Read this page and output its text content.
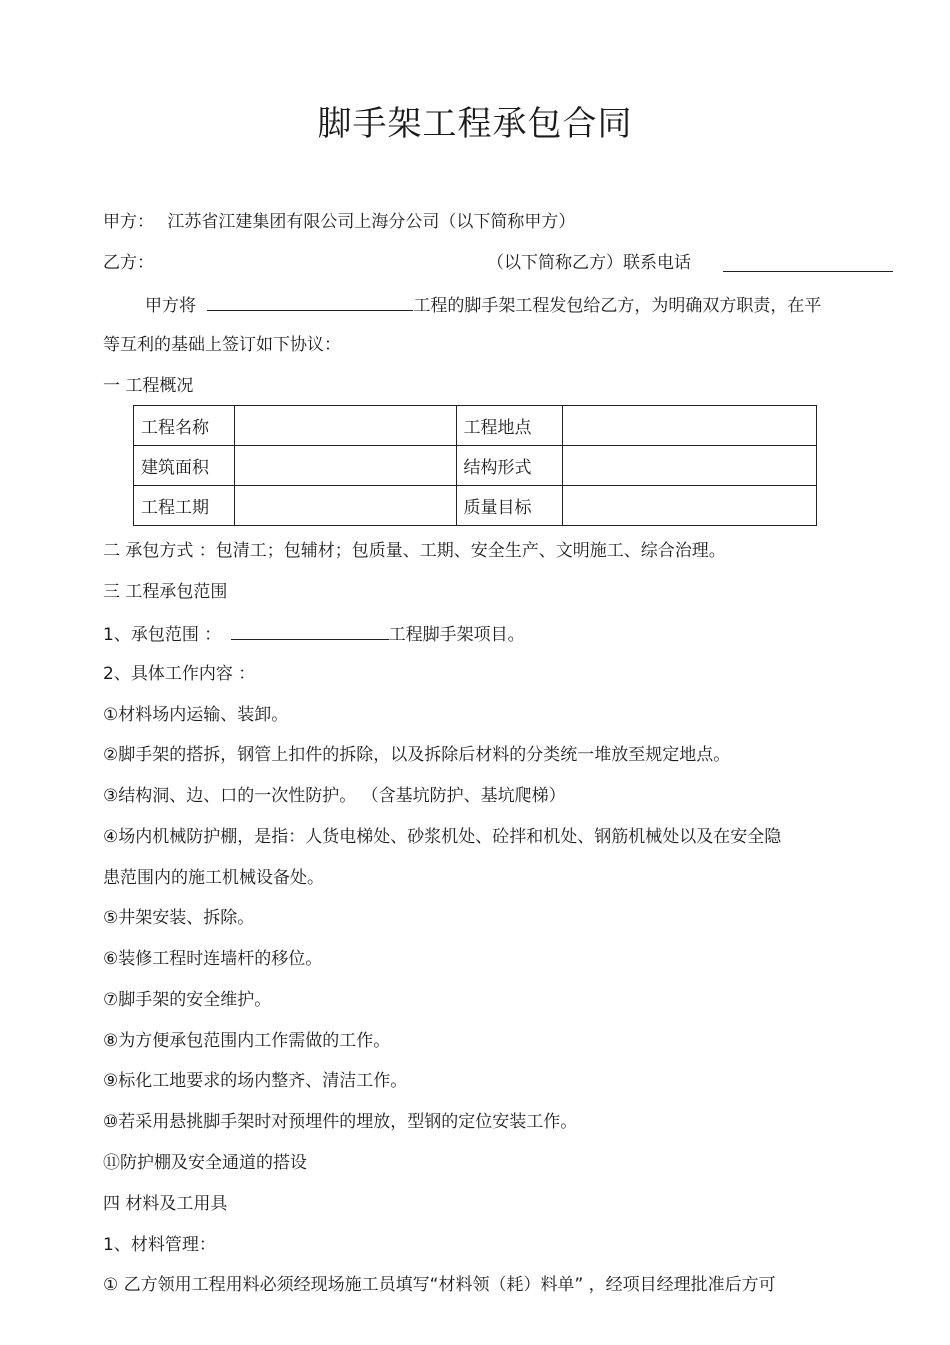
脚手架工程承包合同
甲方： 江苏省江建集团有限公司上海分公司（以下简称甲方）
乙方：	（以下简称乙方）联系电话
甲方将	工程的脚手架工程发包给乙方，为明确双方职责，在平
等互利的基础上签订如下协议：
一 工程概况
工程名称		工程地点	
建筑面积		结构形式	
工程工期		质量目标	
二 承包方式 ：包清工；包辅材；包质量、工期、安全生产、文明施工、综合治理。
三 工程承包范围
1、承包范围 ：	工程脚手架项目。
2、具体工作内容 ：
①材料场内运输、装卸。
②脚手架的搭拆，钢管上扣件的拆除，以及拆除后材料的分类统一堆放至规定地点。
③结构洞、边、口的一次性防护。 （含基坑防护、基坑爬梯）
④场内机械防护棚，是指：人货电梯处、砂浆机处、砼拌和机处、钢筋机械处以及在安全隐
患范围内的施工机械设备处。
⑤井架安装、拆除。
⑥装修工程时连墙杆的移位。
⑦脚手架的安全维护。
⑧为方便承包范围内工作需做的工作。
⑨标化工地要求的场内整齐、清洁工作。
⑩若采用悬挑脚手架时对预埋件的埋放，型钢的定位安装工作。
⑪防护棚及安全通道的搭设
四 材料及工用具
1、材料管理：
① 乙方领用工程用料必须经现场施工员填写“材料领（耗）料单” ，经项目经理批准后方可
